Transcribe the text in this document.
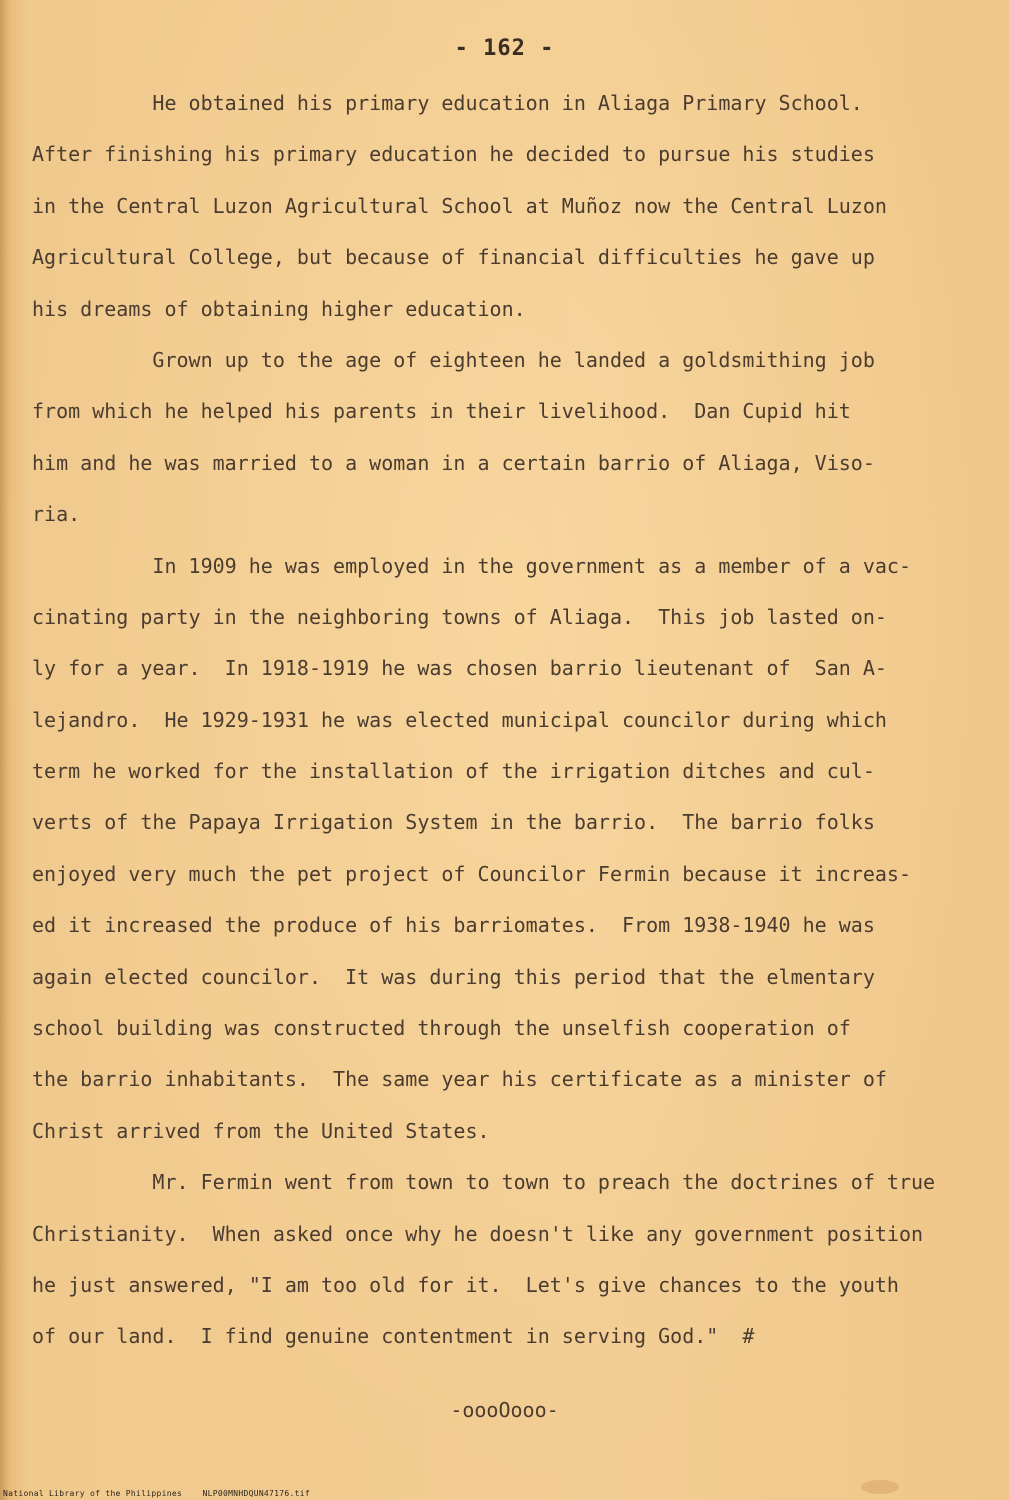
- 162 -
He obtained his primary education in Aliaga Primary School.
After finishing his primary education he decided to pursue his studies
in the Central Luzon Agricultural School at Muñoz now the Central Luzon
Agricultural College, but because of financial difficulties he gave up
his dreams of obtaining higher education.
Grown up to the age of eighteen he landed a goldsmithing job
from which he helped his parents in their livelihood.  Dan Cupid hit
him and he was married to a woman in a certain barrio of Aliaga, Viso-
ria.
In 1909 he was employed in the government as a member of a vac-
cinating party in the neighboring towns of Aliaga.  This job lasted on-
ly for a year.  In 1918-1919 he was chosen barrio lieutenant of  San A-
lejandro.  He 1929-1931 he was elected municipal councilor during which
term he worked for the installation of the irrigation ditches and cul-
verts of the Papaya Irrigation System in the barrio.  The barrio folks
enjoyed very much the pet project of Councilor Fermin because it increas-
ed it increased the produce of his barriomates.  From 1938-1940 he was
again elected councilor.  It was during this period that the elmentary
school building was constructed through the unselfish cooperation of
the barrio inhabitants.  The same year his certificate as a minister of
Christ arrived from the United States.
Mr. Fermin went from town to town to preach the doctrines of true
Christianity.  When asked once why he doesn't like any government position
he just answered, "I am too old for it.  Let's give chances to the youth
of our land.  I find genuine contentment in serving God."  #
-oooOooo-
National Library of the Philippines    NLP00MNHDQUN47176.tif
